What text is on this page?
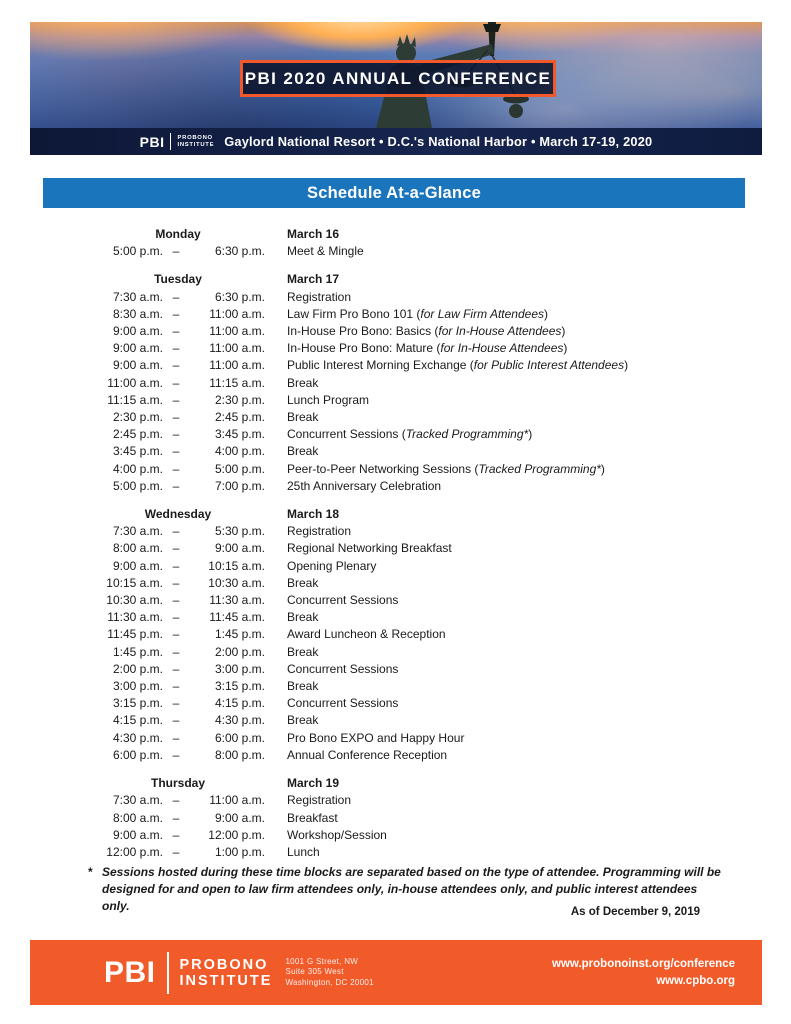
PBI 2020 ANNUAL CONFERENCE
PBI PROBONO
INSTITUTE Gaylord National Resort • D.C.'s National Harbor • March 17-19, 2020
Schedule At-a-Glance
Monday	March 16
5:00 p.m. –	6:30 p.m. Meet & Mingle
Tuesday	March 17
7:30 a.m. –	6:30 p.m. Registration
8:30 a.m. –	11:00 a.m. Law Firm Pro Bono 101 (for Law Firm Attendees)
9:00 a.m. –	11:00 a.m. In-House Pro Bono: Basics (for In-House Attendees)
9:00 a.m. –	11:00 a.m. In-House Pro Bono: Mature (for In-House Attendees)
9:00 a.m. –	11:00 a.m. Public Interest Morning Exchange (for Public Interest Attendees)
11:00 a.m. –	11:15 a.m. Break
11:15 a.m. –	2:30 p.m. Lunch Program
2:30 p.m. –	2:45 p.m. Break
2:45 p.m. –	3:45 p.m. Concurrent Sessions (Tracked Programming*)
3:45 p.m. –	4:00 p.m. Break
4:00 p.m. –	5:00 p.m. Peer-to-Peer Networking Sessions (Tracked Programming*)
5:00 p.m. –	7:00 p.m. 25th Anniversary Celebration
Wednesday	March 18
7:30 a.m. –	5:30 p.m. Registration
8:00 a.m. –	9:00 a.m. Regional Networking Breakfast
9:00 a.m. –	10:15 a.m. Opening Plenary
10:15 a.m. –	10:30 a.m. Break
10:30 a.m. –	11:30 a.m. Concurrent Sessions
11:30 a.m. –	11:45 a.m. Break
11:45 p.m. –	1:45 p.m. Award Luncheon & Reception
1:45 p.m. –	2:00 p.m. Break
2:00 p.m. –	3:00 p.m. Concurrent Sessions
3:00 p.m. –	3:15 p.m. Break
3:15 p.m. –	4:15 p.m. Concurrent Sessions
4:15 p.m. –	4:30 p.m. Break
4:30 p.m. –	6:00 p.m. Pro Bono EXPO and Happy Hour
6:00 p.m. –	8:00 p.m. Annual Conference Reception
Thursday	March 19
7:30 a.m. –	11:00 a.m. Registration
8:00 a.m. –	9:00 a.m. Breakfast
9:00 a.m. –	12:00 p.m. Workshop/Session
12:00 p.m. –	1:00 p.m. Lunch
* Sessions hosted during these time blocks are separated based on the type of attendee. Programming will be designed for and open to law firm attendees only, in-house attendees only, and public interest attendees only.	As of December 9, 2019
PBI PROBONO
INSTITUTE
1001 G Street, NW
Suite 305 West
Washington, DC 20001
www.probonoinst.org/conference
www.cpbo.org
